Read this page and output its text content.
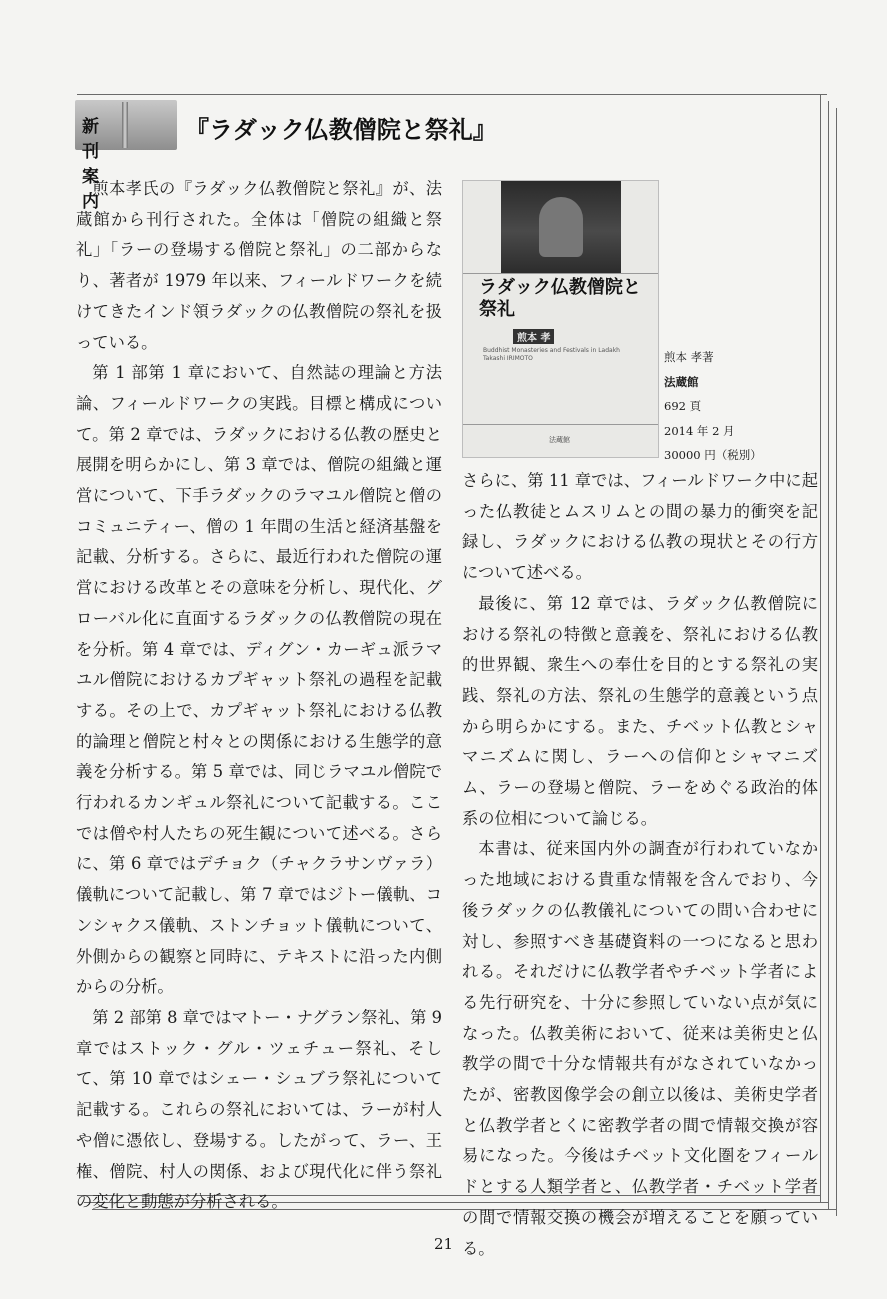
新刊案内
『ラダック仏教僧院と祭礼』

煎本孝氏の『ラダック仏教僧院と祭礼』が、法蔵館から刊行された。全体は「僧院の組織と祭礼」「ラーの登場する僧院と祭礼」の二部からなり、著者が 1979 年以来、フィールドワークを続けてきたインド領ラダックの仏教僧院の祭礼を扱っている。

第 1 部第 1 章において、自然誌の理論と方法論、フィールドワークの実践。目標と構成について。第 2 章では、ラダックにおける仏教の歴史と展開を明らかにし、第 3 章では、僧院の組織と運営について、下手ラダックのラマユル僧院と僧のコミュニティー、僧の 1 年間の生活と経済基盤を記載、分析する。さらに、最近行われた僧院の運営における改革とその意味を分析し、現代化、グローバル化に直面するラダックの仏教僧院の現在を分析。第 4 章では、ディグン・カーギュ派ラマユル僧院におけるカプギャット祭礼の過程を記載する。その上で、カプギャット祭礼における仏教的論理と僧院と村々との関係における生態学的意義を分析する。第 5 章では、同じラマユル僧院で行われるカンギュル祭礼について記載する。ここでは僧や村人たちの死生観について述べる。さらに、第 6 章ではデチョク（チャクラサンヴァラ）儀軌について記載し、第 7 章ではジトー儀軌、コンシャクス儀軌、ストンチョット儀軌について、外側からの観察と同時に、テキストに沿った内側からの分析。

第 2 部第 8 章ではマトー・ナグラン祭礼、第 9 章ではストック・グル・ツェチュー祭礼、そして、第 10 章ではシェー・シュブラ祭礼について記載する。これらの祭礼においては、ラーが村人や僧に憑依し、登場する。したがって、ラー、王権、僧院、村人の関係、および現代化に伴う祭礼の変化と動態が分析される。

ラダック仏教僧院と祭礼
煎本 孝
Buddhist Monasteries and Festivals in Ladakh Takashi IRIMOTO
法蔵館
煎本 孝著
法蔵館
692 頁
2014 年 2 月
30000 円（税別）

さらに、第 11 章では、フィールドワーク中に起った仏教徒とムスリムとの間の暴力的衝突を記録し、ラダックにおける仏教の現状とその行方について述べる。

最後に、第 12 章では、ラダック仏教僧院における祭礼の特徴と意義を、祭礼における仏教的世界観、衆生への奉仕を目的とする祭礼の実践、祭礼の方法、祭礼の生態学的意義という点から明らかにする。また、チベット仏教とシャマニズムに関し、ラーへの信仰とシャマニズム、ラーの登場と僧院、ラーをめぐる政治的体系の位相について論じる。

本書は、従来国内外の調査が行われていなかった地域における貴重な情報を含んでおり、今後ラダックの仏教儀礼についての問い合わせに対し、参照すべき基礎資料の一つになると思われる。それだけに仏教学者やチベット学者による先行研究を、十分に参照していない点が気になった。仏教美術において、従来は美術史と仏教学の間で十分な情報共有がなされていなかったが、密教図像学会の創立以後は、美術史学者と仏教学者とくに密教学者の間で情報交換が容易になった。今後はチベット文化圏をフィールドとする人類学者と、仏教学者・チベット学者の間で情報交換の機会が増えることを願っている。

21
